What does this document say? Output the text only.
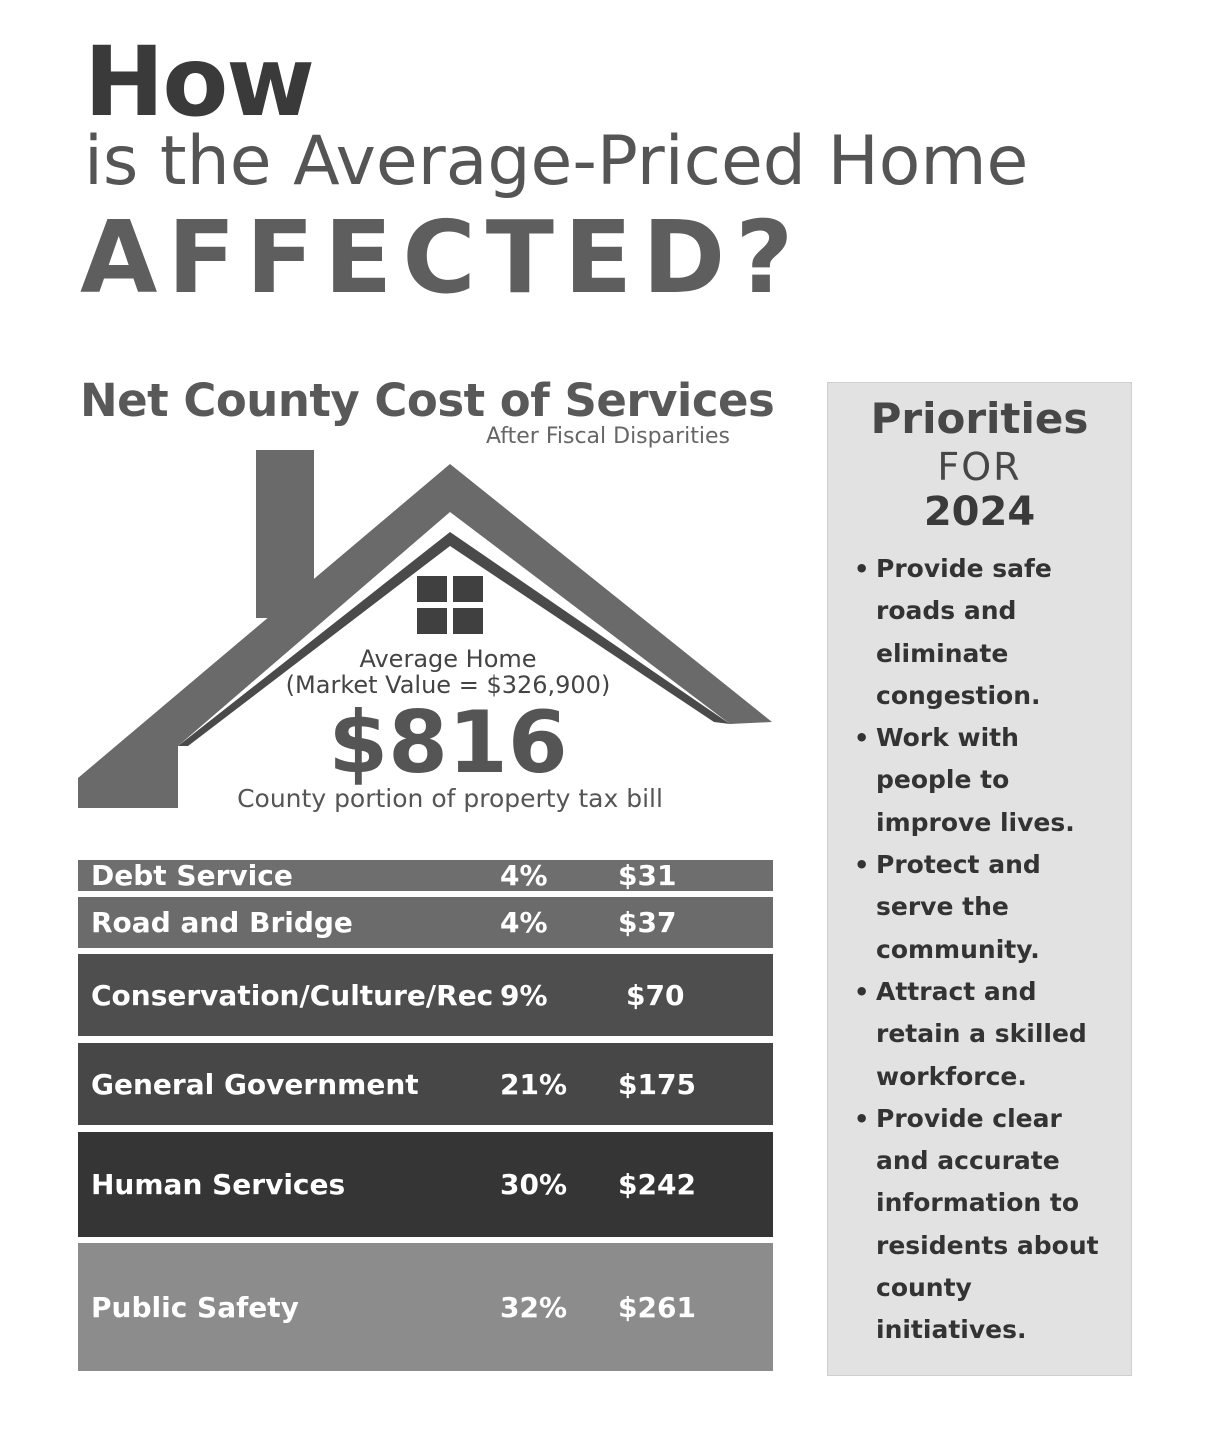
How
is the Average-Priced Home
AFFECTED?
Net County Cost of Services
After Fiscal Disparities
Average Home
(Market Value = $326,900)
$816
County portion of property tax bill
Debt Service	4%	$31
Road and Bridge	4%	$37
Conservation/Culture/Rec 9%	$70
General Government	21% $175
Human Services	30% $242
Public Safety	32% $261
Priorities
FOR
2024
• Provide safe roads and eliminate congestion.
• Work with people to improve lives.
• Protect and serve the community.
• Attract and retain a skilled workforce.
• Provide clear and accurate information to residents about county initiatives.
